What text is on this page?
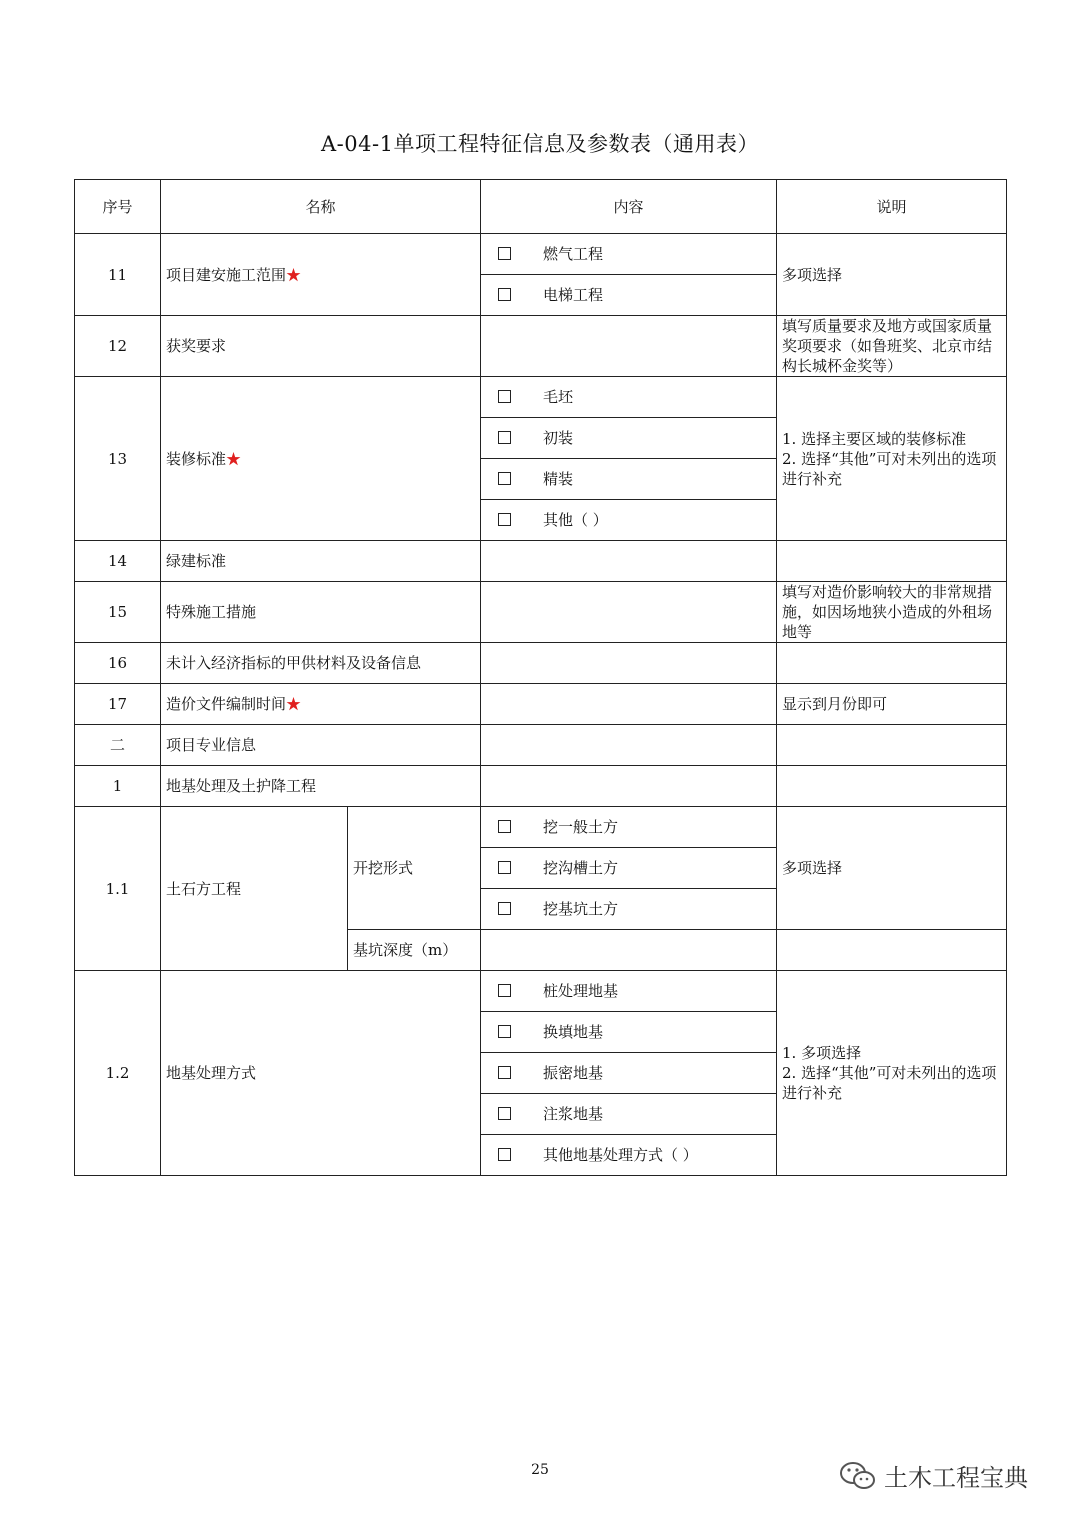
A-04-1单项工程特征信息及参数表（通用表）
序号	名称		内容	说明
11	项目建安施工范围★		燃气工程	多项选择
			电梯工程	
12	获奖要求			填写质量要求及地方或国家质量奖项要求（如鲁班奖、北京市结构长城杯金奖等）
13	装修标准★		毛坯	1. 选择主要区域的装修标准
2. 选择“其他”可对未列出的选项进行补充

			初装	
			精装	
			其他（ ）	
14	绿建标准			
15	特殊施工措施			填写对造价影响较大的非常规措施，如因场地狭小造成的外租场地等
16	未计入经济指标的甲供材料及设备信息			
17	造价文件编制时间★			显示到月份即可
二	项目专业信息			
1	地基处理及土护降工程			
1.1	土石方工程	开挖形式	挖一般土方	多项选择
			挖沟槽土方	
			挖基坑土方	
		基坑深度（m）		
1.2	地基处理方式		桩处理地基	1. 多项选择
2. 选择“其他”可对未列出的选项进行补充

			换填地基	
			振密地基	
			注浆地基	
			其他地基处理方式（ ）	
25	土木工程宝典
